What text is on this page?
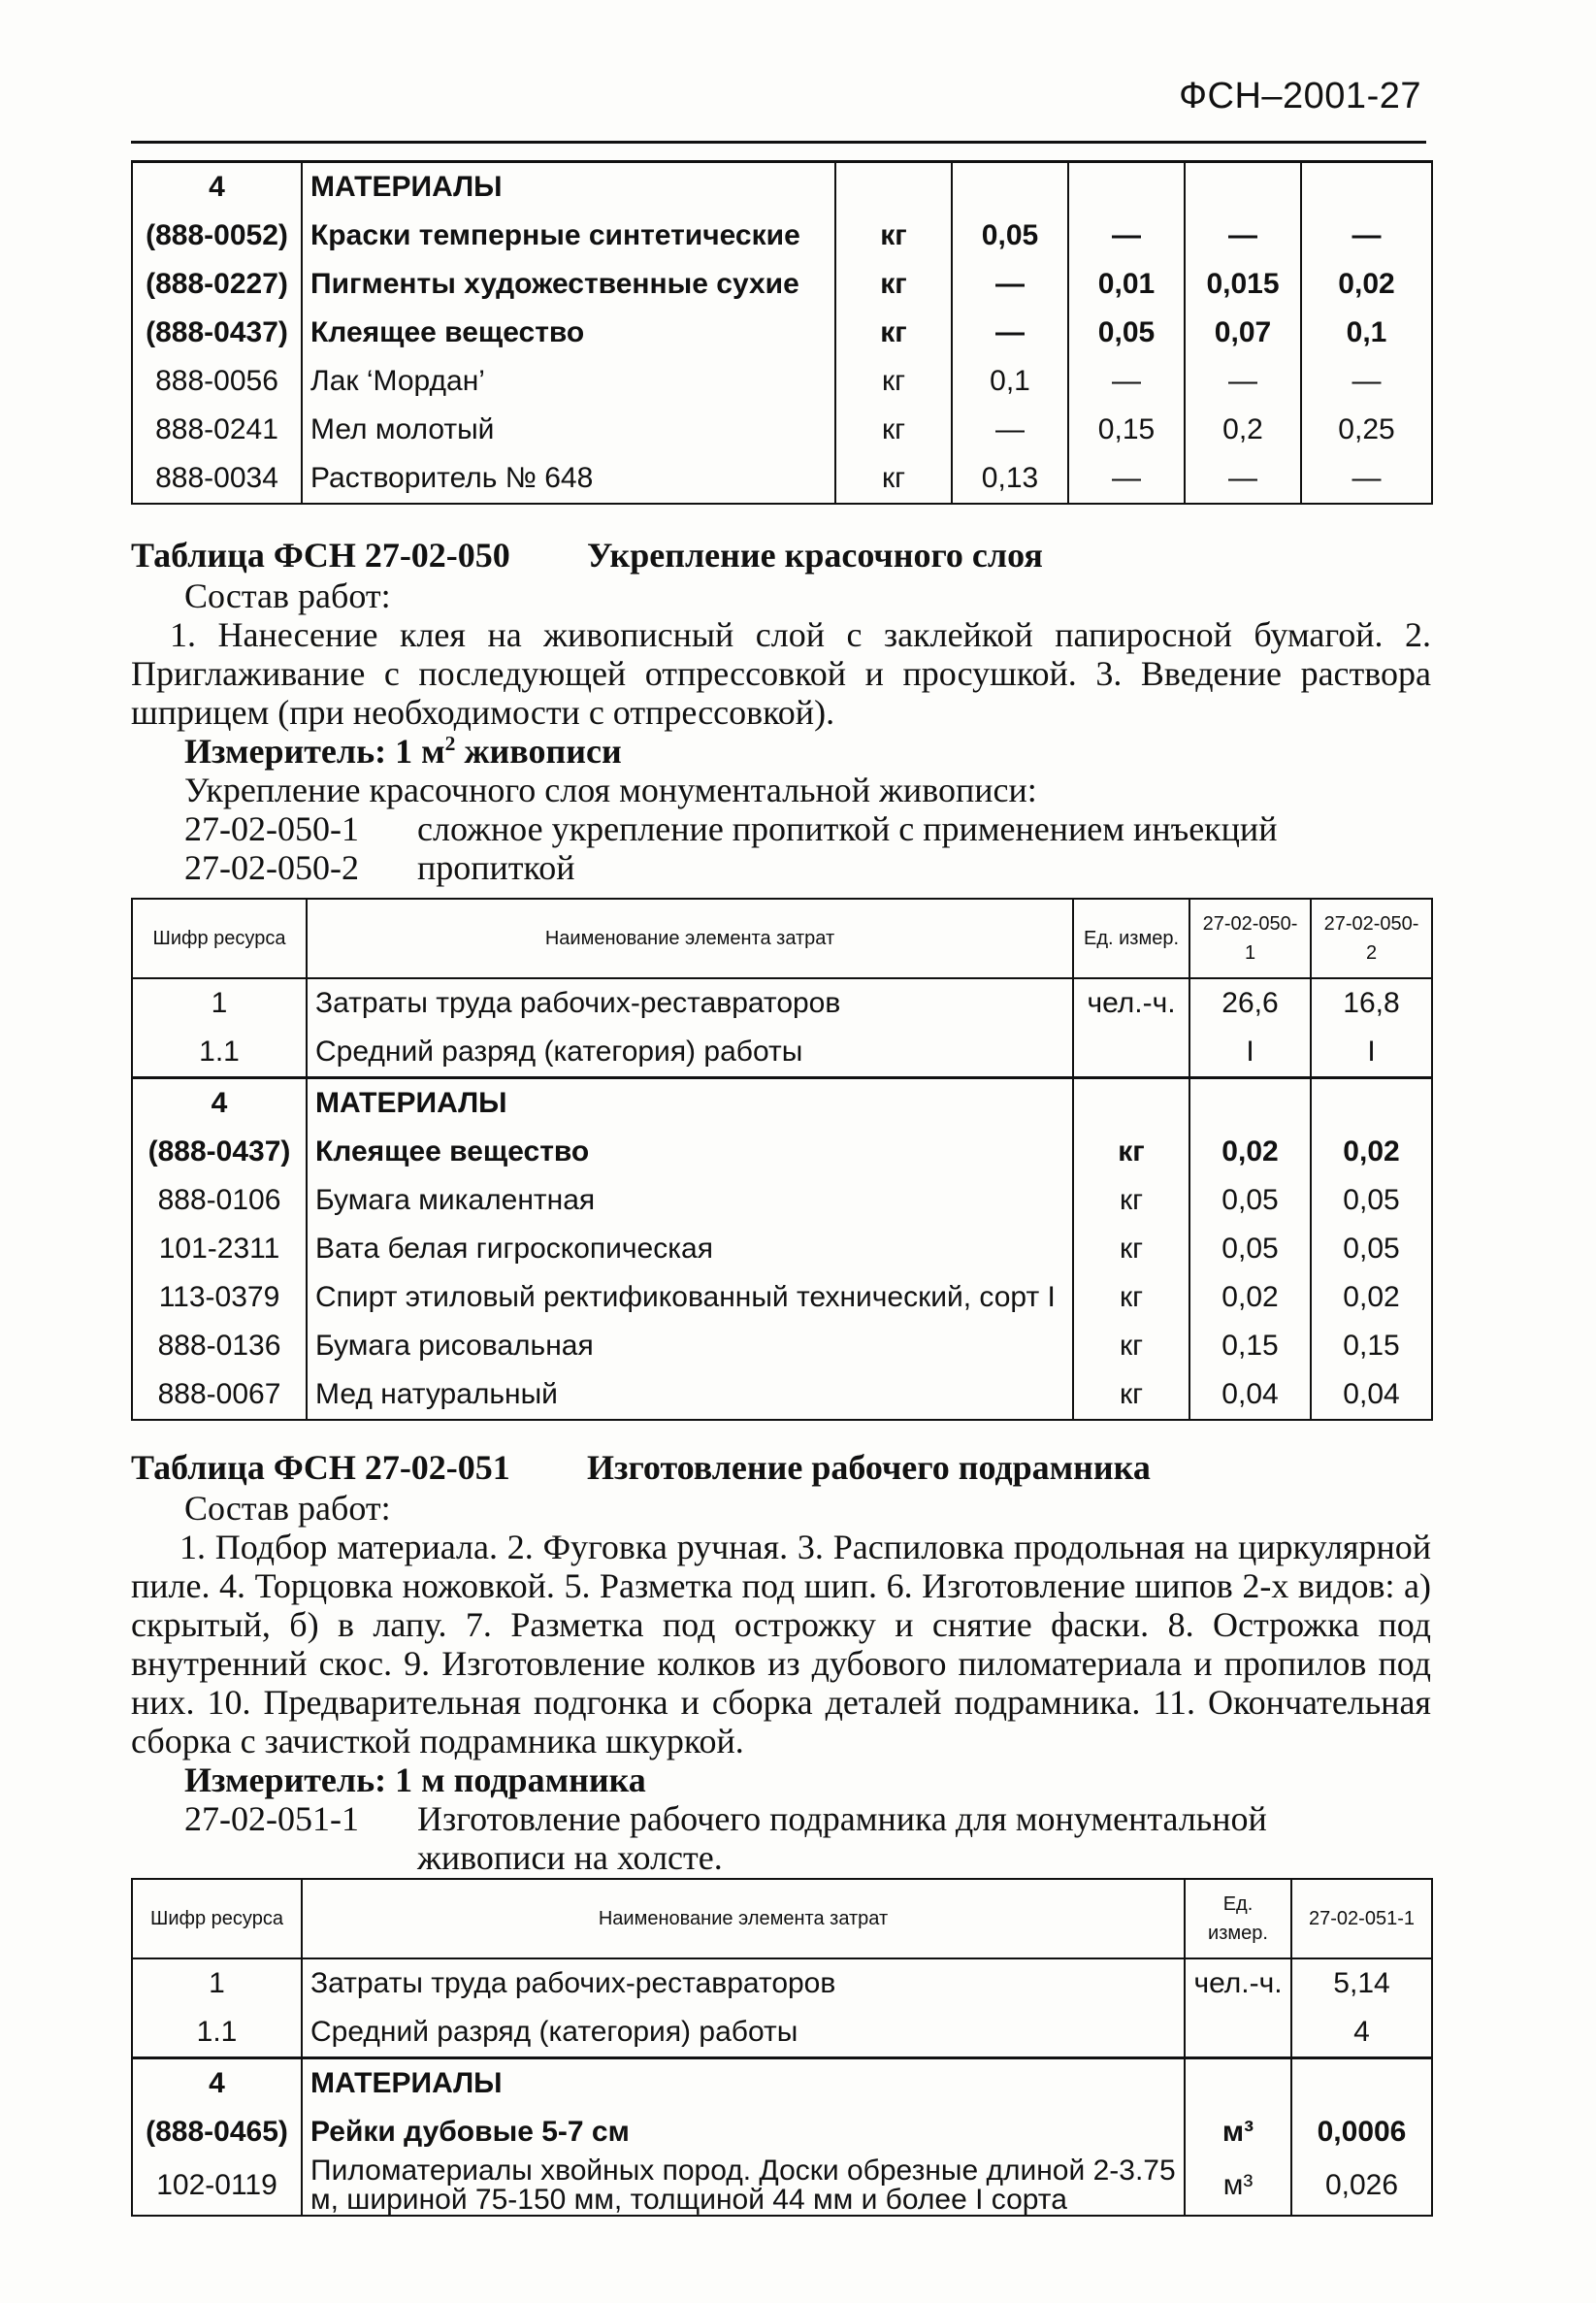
ФСН–2001-27
4	МАТЕРИАЛЫ					
(888-0052)	Краски темперные синтетические	кг	0,05	—	—	—
(888-0227)	Пигменты художественные сухие	кг	—	0,01	0,015	0,02
(888-0437)	Клеящее вещество	кг	—	0,05	0,07	0,1
888-0056	Лак ‘Мордан’	кг	0,1	—	—	—
888-0241	Мел молотый	кг	—	0,15	0,2	0,25
888-0034	Растворитель № 648	кг	0,13	—	—	—
Таблица ФСН 27-02-050 Укрепление красочного слоя
Состав работ:
1. Нанесение клея на живописный слой с заклейкой папиросной бумагой. 2. Приглаживание с последующей отпрессовкой и просушкой. 3. Введение раствора шприцем (при необходимости с отпрессовкой).
Измеритель: 1 $м^2$ живописи
Укрепление красочного слоя монументальной живописи:
27-02-050-1	сложное укрепление пропиткой с применением инъекций
27-02-050-2	пропиткой
Шифр ресурса	Наименование элемента затрат	Ед. измер.	27-02-050-1	27-02-050-2
1	Затраты труда рабочих-реставраторов	чел.-ч.	26,6	16,8
1.1	Средний разряд (категория) работы		I	I
4	МАТЕРИАЛЫ			
(888-0437)	Клеящее вещество	кг	0,02	0,02
888-0106	Бумага микалентная	кг	0,05	0,05
101-2311	Вата белая гигроскопическая	кг	0,05	0,05
113-0379	Спирт этиловый ректификованный технический, сорт I	кг	0,02	0,02
888-0136	Бумага рисовальная	кг	0,15	0,15
888-0067	Мед натуральный	кг	0,04	0,04
Таблица ФСН 27-02-051 Изготовление рабочего подрамника
Состав работ:
1. Подбор материала. 2. Фуговка ручная. 3. Распиловка продольная на циркулярной пиле. 4. Торцовка ножовкой. 5. Разметка под шип. 6. Изготовление шипов 2-х видов: а) скрытый, б) в лапу. 7. Разметка под острожку и снятие фаски. 8. Острожка под внутренний скос. 9. Изготовление колков из дубового пиломатериала и пропилов под них. 10. Предварительная подгонка и сборка деталей подрамника. 11. Окончательная сборка с зачисткой подрамника шкуркой.
Измеритель: 1 м подрамника
27-02-051-1	Изготовление рабочего подрамника для монументальной живописи на холсте.
Шифр ресурса	Наименование элемента затрат	Ед. измер.	27-02-051-1
1	Затраты труда рабочих-реставраторов	чел.-ч.	5,14
1.1	Средний разряд (категория) работы		4
4	МАТЕРИАЛЫ		
(888-0465)	Рейки дубовые 5-7 см	м³	0,0006
102-0119	Пиломатериалы хвойных пород. Доски обрезные длиной 2-3.75 м, шириной 75-150 мм, толщиной 44 мм и более I сорта	м³	0,026
